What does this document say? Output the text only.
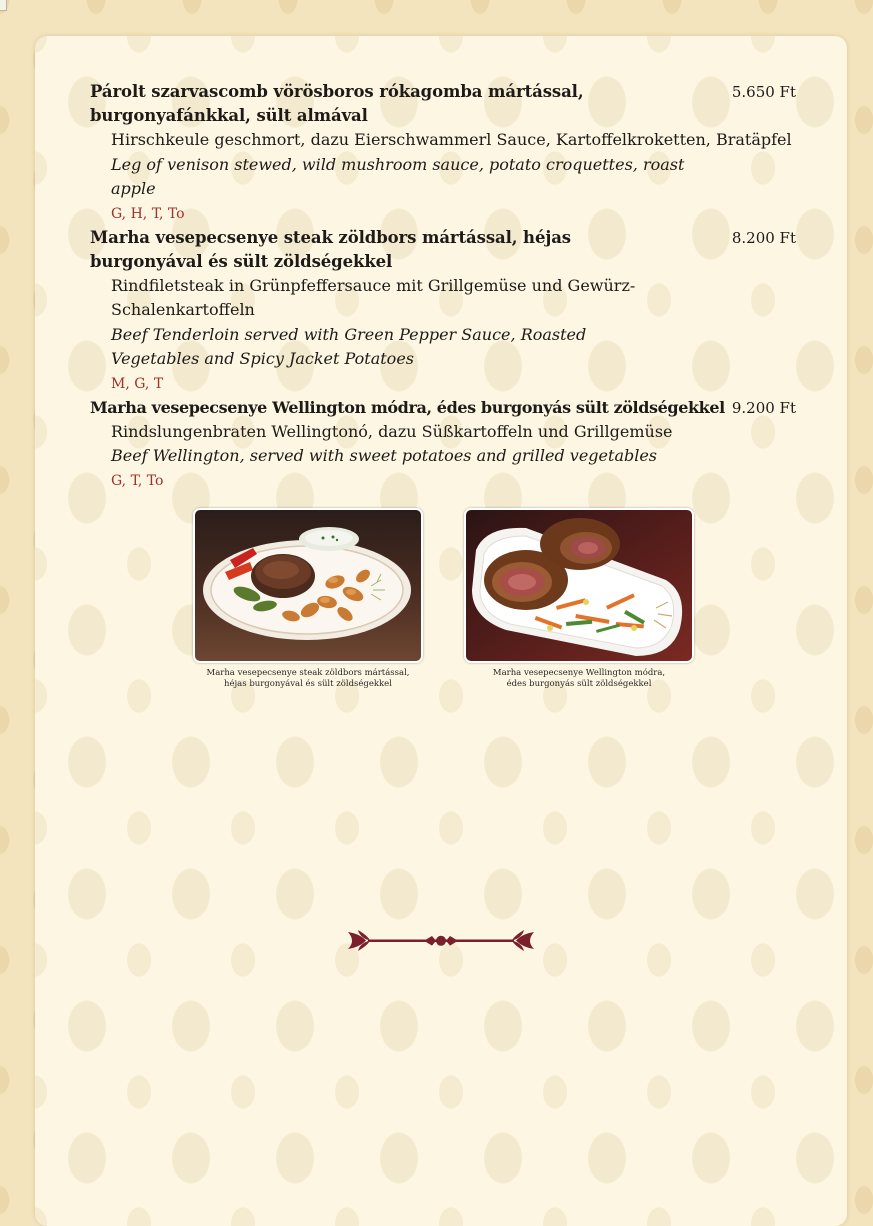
5.650 Ft
Párolt szarvascomb vörösboros rókagomba mártással, burgonyafánkkal, sült almával
Hirschkeule geschmort, dazu Eierschwammerl Sauce, Kartoffelkroketten, Bratäpfel
Leg of venison stewed, wild mushroom sauce, potato croquettes, roast apple
G, H, T, To
8.200 Ft
Marha vesepecsenye steak zöldbors mártással, héjas burgonyával és sült zöldségekkel
Rindfiletsteak in Grünpfeffersauce mit Grillgemüse und Gewürz-Schalenkartoffeln
Beef Tenderloin served with Green Pepper Sauce, Roasted Vegetables and Spicy Jacket Potatoes
M, G, T
9.200 Ft
Marha vesepecsenye Wellington módra, édes burgonyás sült zöldségekkel
Rindslungenbraten Wellingtonó, dazu Süßkartoffeln und Grillgemüse
Beef Wellington, served with sweet potatoes and grilled vegetables
G, T, To
Marha vesepecsenye steak zöldbors mártással,
héjas burgonyával és sült zöldségekkel
Marha vesepecsenye Wellington módra,
édes burgonyás sült zöldségekkel
